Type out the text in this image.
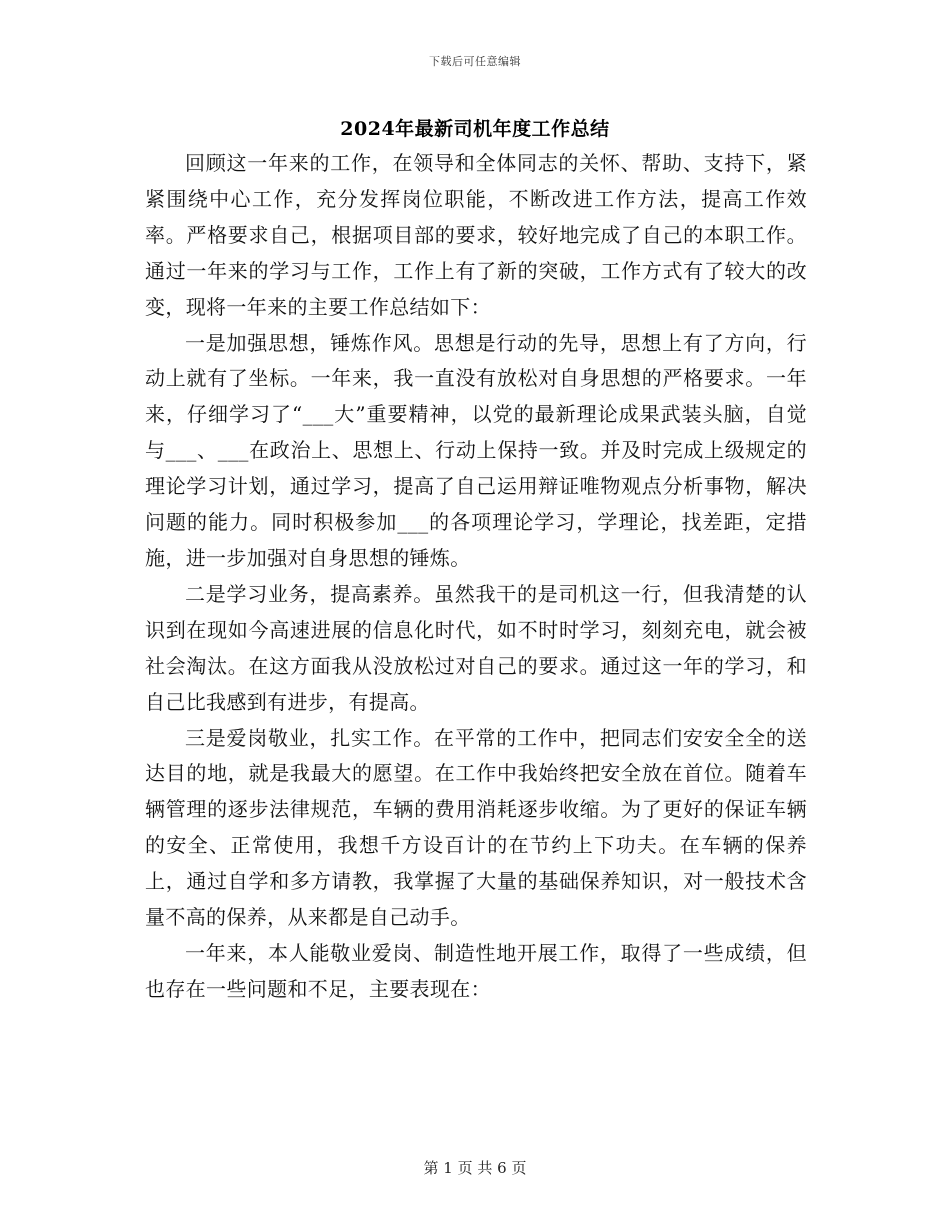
下载后可任意编辑
2024年最新司机年度工作总结

回顾这一年来的工作，在领导和全体同志的关怀、帮助、支持下，紧紧围绕中心工作，充分发挥岗位职能，不断改进工作方法，提高工作效率。严格要求自己，根据项目部的要求，较好地完成了自己的本职工作。通过一年来的学习与工作，工作上有了新的突破，工作方式有了较大的改变，现将一年来的主要工作总结如下：

一是加强思想，锤炼作风。思想是行动的先导，思想上有了方向，行动上就有了坐标。一年来，我一直没有放松对自身思想的严格要求。一年来，仔细学习了“___大”重要精神，以党的最新理论成果武装头脑，自觉与___、___在政治上、思想上、行动上保持一致。并及时完成上级规定的理论学习计划，通过学习，提高了自己运用辩证唯物观点分析事物，解决问题的能力。同时积极参加___的各项理论学习，学理论，找差距，定措施，进一步加强对自身思想的锤炼。

二是学习业务，提高素养。虽然我干的是司机这一行，但我清楚的认识到在现如今高速进展的信息化时代，如不时时学习，刻刻充电，就会被社会淘汰。在这方面我从没放松过对自己的要求。通过这一年的学习，和自己比我感到有进步，有提高。

三是爱岗敬业，扎实工作。在平常的工作中，把同志们安安全全的送达目的地，就是我最大的愿望。在工作中我始终把安全放在首位。随着车辆管理的逐步法律规范，车辆的费用消耗逐步收缩。为了更好的保证车辆的安全、正常使用，我想千方设百计的在节约上下功夫。在车辆的保养上，通过自学和多方请教，我掌握了大量的基础保养知识，对一般技术含量不高的保养，从来都是自己动手。

一年来，本人能敬业爱岗、制造性地开展工作，取得了一些成绩，但也存在一些问题和不足，主要表现在：

第 1 页 共 6 页
